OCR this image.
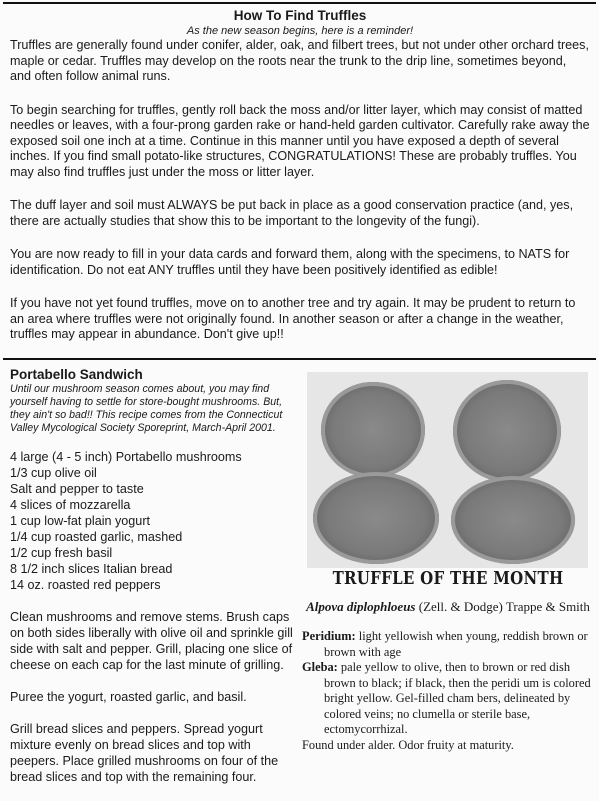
How To Find Truffles

As the new season begins, here is a reminder!

Truffles are generally found under conifer, alder, oak, and filbert trees, but not under other orchard trees, maple or cedar. Truffles may develop on the roots near the trunk to the drip line, sometimes beyond, and often follow animal runs.

To begin searching for truffles, gently roll back the moss and/or litter layer, which may consist of matted needles or leaves, with a four-prong garden rake or hand-held garden cultivator. Carefully rake away the exposed soil one inch at a time. Continue in this manner until you have exposed a depth of several inches. If you find small potato-like structures, CONGRATULATIONS! These are probably truffles. You may also find truffles just under the moss or litter layer.

The duff layer and soil must ALWAYS be put back in place as a good conservation practice (and, yes, there are actually studies that show this to be important to the longevity of the fungi).

You are now ready to fill in your data cards and forward them, along with the specimens, to NATS for identification. Do not eat ANY truffles until they have been positively identified as edible!

If you have not yet found truffles, move on to another tree and try again. It may be prudent to return to an area where truffles were not originally found. In another season or after a change in the weather, truffles may appear in abundance. Don't give up!!

Portabello Sandwich

Until our mushroom season comes about, you may find yourself having to settle for store-bought mushrooms. But, they ain't so bad!! This recipe comes from the Connecticut Valley Mycological Society Sporeprint, March-April 2001.

4 large (4 - 5 inch) Portabello mushrooms
1/3 cup olive oil
Salt and pepper to taste
4 slices of mozzarella
1 cup low-fat plain yogurt
1/4 cup roasted garlic, mashed
1/2 cup fresh basil
8 1/2 inch slices Italian bread
14 oz. roasted red peppers

Clean mushrooms and remove stems. Brush caps on both sides liberally with olive oil and sprinkle gill side with salt and pepper. Grill, placing one slice of cheese on each cap for the last minute of grilling.

Puree the yogurt, roasted garlic, and basil.

Grill bread slices and peppers. Spread yogurt mixture evenly on bread slices and top with peepers. Place grilled mushrooms on four of the bread slices and top with the remaining four.

TRUFFLE OF THE MONTH

Alpova diplophloeus (Zell. & Dodge) Trappe & Smith

Peridium: light yellowish when young, reddish brown or brown with age

Gleba: pale yellow to olive, then to brown or red dish brown to black; if black, then the peridi um is colored bright yellow. Gel-filled cham bers, delineated by colored veins; no clumella or sterile base, ectomycorrhizal.

Found under alder. Odor fruity at maturity.
